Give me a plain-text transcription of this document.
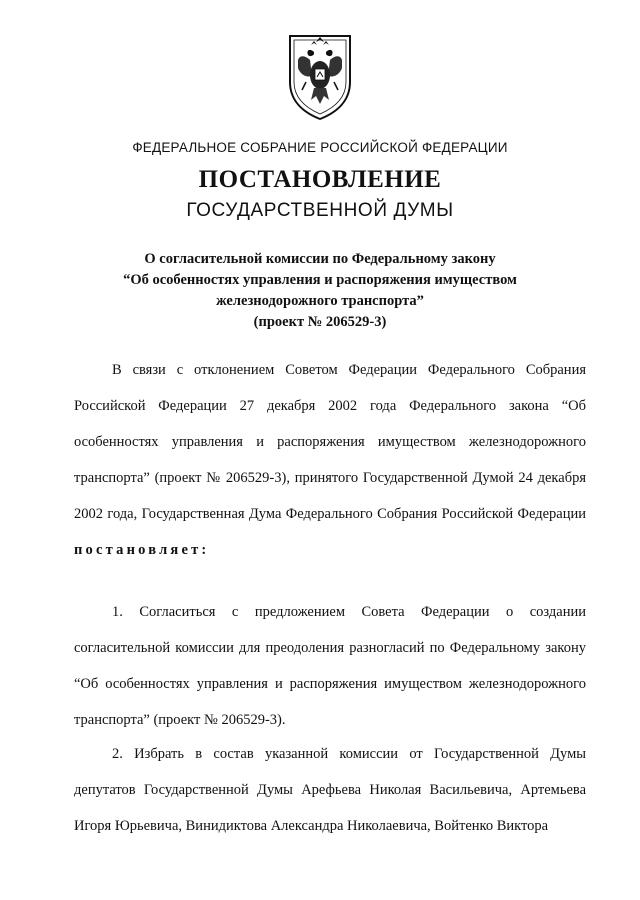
ФЕДЕРАЛЬНОЕ СОБРАНИЕ РОССИЙСКОЙ ФЕДЕРАЦИИ
ПОСТАНОВЛЕНИЕ
ГОСУДАРСТВЕННОЙ ДУМЫ
О согласительной комиссии по Федеральному закону
“Об особенностях управления и распоряжения имуществом
железнодорожного транспорта”
(проект № 206529-3)
В связи с отклонением Советом Федерации Федерального Собрания Российской Федерации 27 декабря 2002 года Федерального закона “Об особенностях управления и распоряжения имуществом железнодорожного транспорта” (проект № 206529-3), принятого Государственной Думой 24 декабря 2002 года, Государственная Дума Федерального Собрания Российской Федерации постановляет:
1. Согласиться с предложением Совета Федерации о создании согласительной комиссии для преодоления разногласий по Федеральному закону “Об особенностях управления и распоряжения имуществом железнодорожного транспорта” (проект № 206529-3).
2. Избрать в состав указанной комиссии от Государственной Думы депутатов Государственной Думы Арефьева Николая Васильевича, Артемьева Игоря Юрьевича, Винидиктова Александра Николаевича, Войтенко Виктора
